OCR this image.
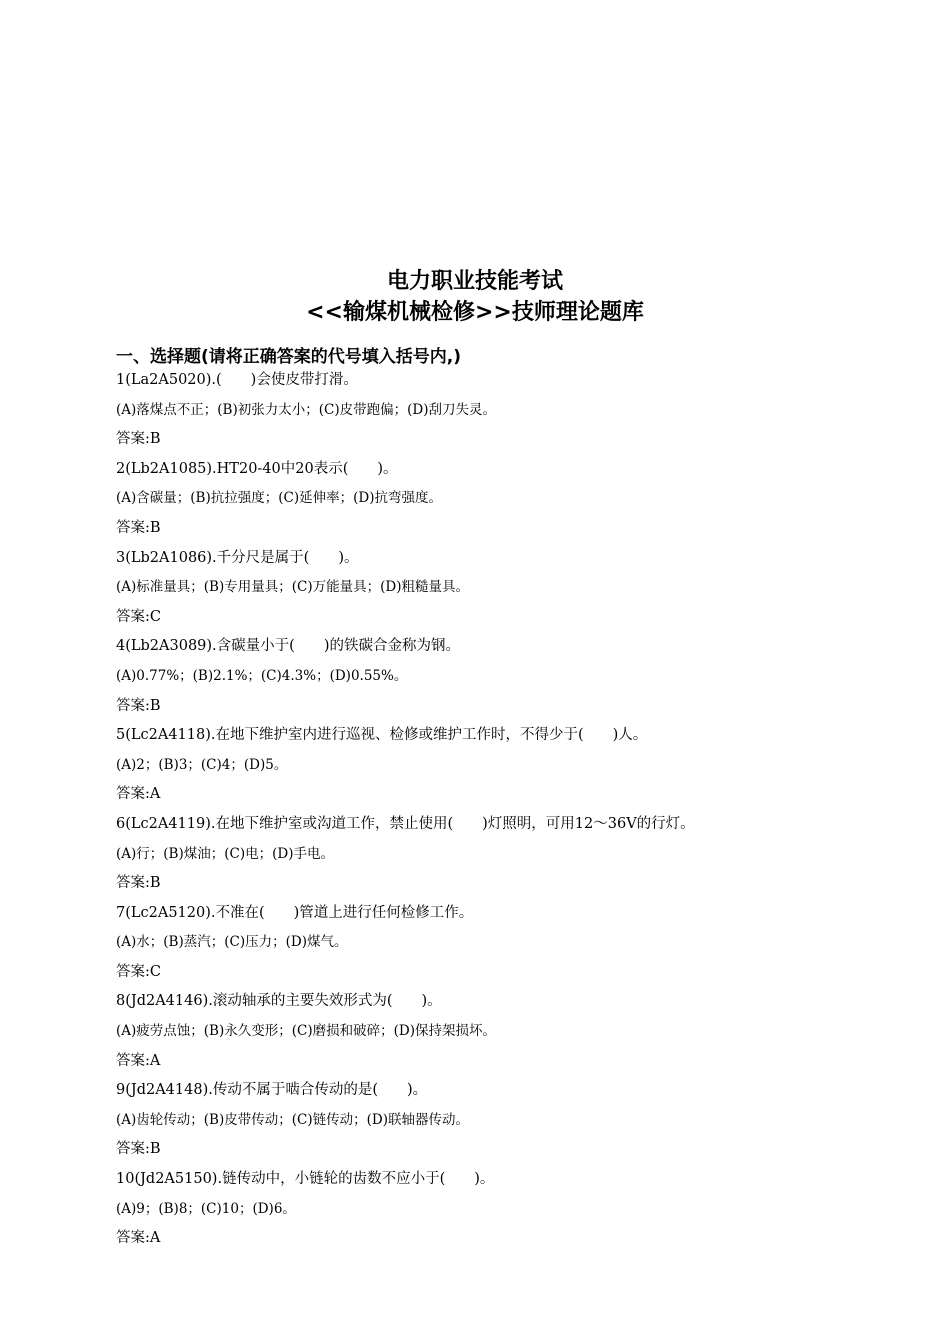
电力职业技能考试
<<输煤机械检修>>技师理论题库
一、选择题(请将正确答案的代号填入括号内,)
1(La2A5020).(　　)会使皮带打滑。
(A)落煤点不正；(B)初张力太小；(C)皮带跑偏；(D)刮刀失灵。
答案:B
2(Lb2A1085).HT20-40中20表示(　　)。
(A)含碳量；(B)抗拉强度；(C)延伸率；(D)抗弯强度。
答案:B
3(Lb2A1086).千分尺是属于(　　)。
(A)标准量具；(B)专用量具；(C)万能量具；(D)粗糙量具。
答案:C
4(Lb2A3089).含碳量小于(　　)的铁碳合金称为钢。
(A)0.77%；(B)2.1%；(C)4.3%；(D)0.55%。
答案:B
5(Lc2A4118).在地下维护室内进行巡视、检修或维护工作时，不得少于(　　)人。
(A)2；(B)3；(C)4；(D)5。
答案:A
6(Lc2A4119).在地下维护室或沟道工作，禁止使用(　　)灯照明，可用12～36V的行灯。
(A)行；(B)煤油；(C)电；(D)手电。
答案:B
7(Lc2A5120).不准在(　　)管道上进行任何检修工作。
(A)水；(B)蒸汽；(C)压力；(D)煤气。
答案:C
8(Jd2A4146).滚动轴承的主要失效形式为(　　)。
(A)疲劳点蚀；(B)永久变形；(C)磨损和破碎；(D)保持架损坏。
答案:A
9(Jd2A4148).传动不属于啮合传动的是(　　)。
(A)齿轮传动；(B)皮带传动；(C)链传动；(D)联轴器传动。
答案:B
10(Jd2A5150).链传动中，小链轮的齿数不应小于(　　)。
(A)9；(B)8；(C)10；(D)6。
答案:A
